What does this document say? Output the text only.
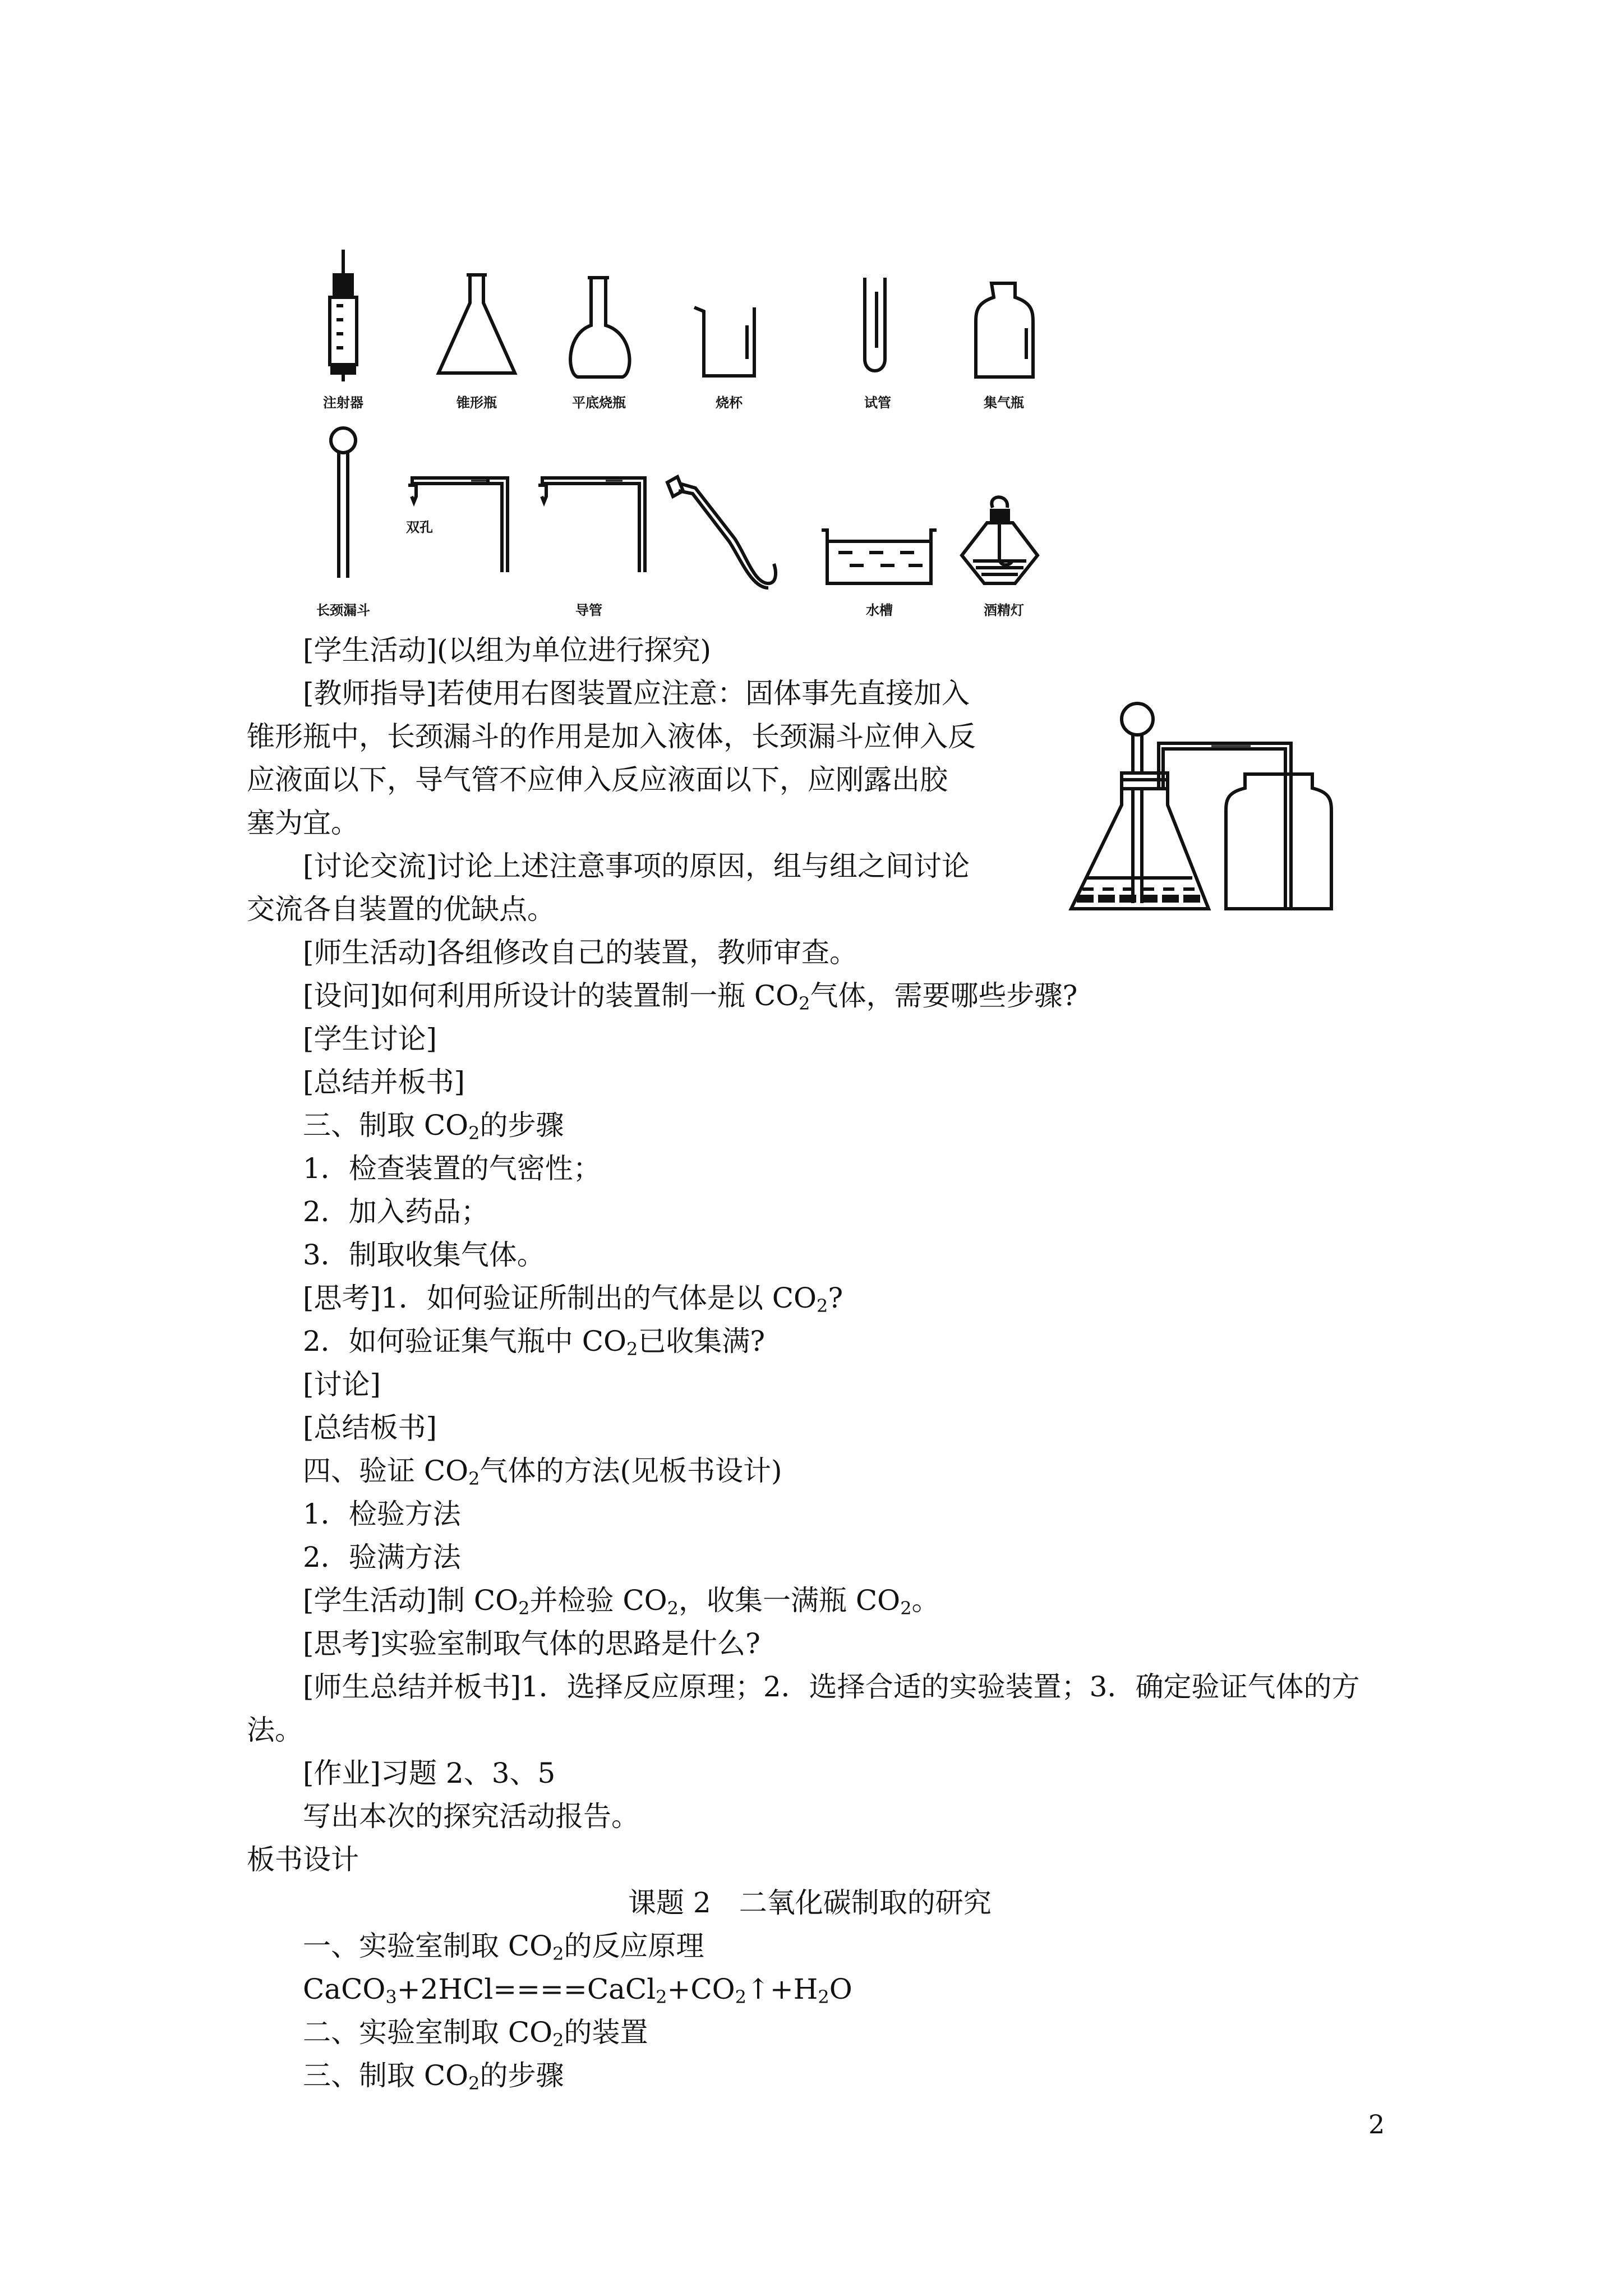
注射器	锥形瓶	平底烧瓶	烧杯	试管	集气瓶
双孔
长颈漏斗	导管	水槽	酒精灯
[学生活动](以组为单位进行探究)
[教师指导]若使用右图装置应注意：固体事先直接加入
锥形瓶中，长颈漏斗的作用是加入液体，长颈漏斗应伸入反
应液面以下，导气管不应伸入反应液面以下，应刚露出胶
塞为宜。
[讨论交流]讨论上述注意事项的原因，组与组之间讨论
交流各自装置的优缺点。
[师生活动]各组修改自己的装置，教师审查。
[设问]如何利用所设计的装置制一瓶 $CO_2$气体，需要哪些步骤?
[学生讨论]
[总结并板书]
三、制取 $CO_2$的步骤
1．检查装置的气密性；
2．加入药品；
3．制取收集气体。
[思考]1．如何验证所制出的气体是以 $CO_2$?
2．如何验证集气瓶中 $CO_2$已收集满?
[讨论]
[总结板书]
四、验证 $CO_2$气体的方法(见板书设计)
1．检验方法
2．验满方法
[学生活动]制 $CO_2$并检验 $CO_2$，收集一满瓶 $CO_2$。
[思考]实验室制取气体的思路是什么?
[师生总结并板书]1．选择反应原理；2．选择合适的实验装置；3．确定验证气体的方
法。
[作业]习题 2、3、5
写出本次的探究活动报告。
板书设计
课题 2　二氧化碳制取的研究
一、实验室制取 $CO_2$的反应原理
$CaCO_3+2HCl====CaCl_2+CO_2↑+H_2O$
二、实验室制取 $CO_2$的装置
三、制取 $CO_2$的步骤
2
